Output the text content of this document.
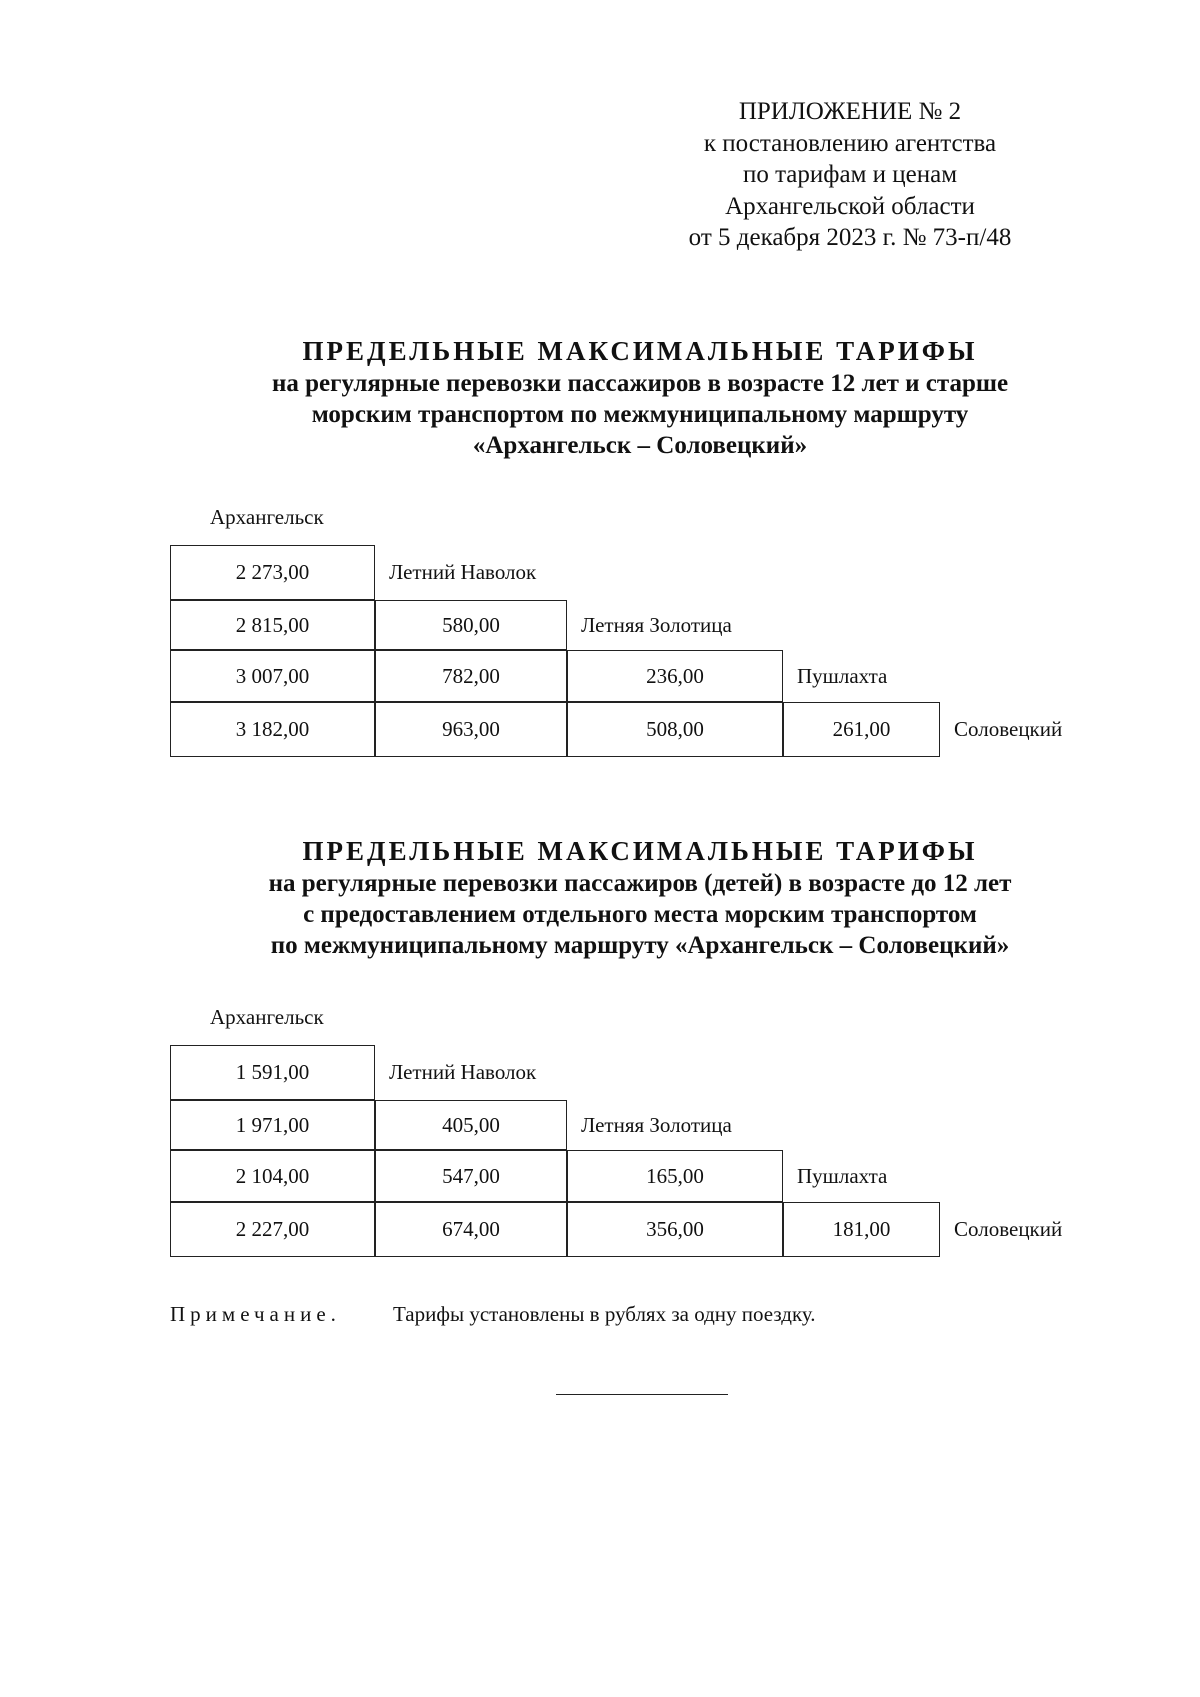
ПРИЛОЖЕНИЕ № 2
к постановлению агентства
по тарифам и ценам
Архангельской области
от 5 декабря 2023 г. № 73-п/48
ПРЕДЕЛЬНЫЕ МАКСИМАЛЬНЫЕ ТАРИФЫ
на регулярные перевозки пассажиров в возрасте 12 лет и старше
морским транспортом по межмуниципальному маршруту
«Архангельск – Соловецкий»
Архангельск
2 273,00	Летний Наволок
2 815,00	580,00	Летняя Золотица
3 007,00	782,00	236,00	Пушлахта
3 182,00	963,00	508,00	261,00	Соловецкий
ПРЕДЕЛЬНЫЕ МАКСИМАЛЬНЫЕ ТАРИФЫ
на регулярные перевозки пассажиров (детей) в возрасте до 12 лет
с предоставлением отдельного места морским транспортом
по межмуниципальному маршруту «Архангельск – Соловецкий»
Архангельск
1 591,00	Летний Наволок
1 971,00	405,00	Летняя Золотица
2 104,00	547,00	165,00	Пушлахта
2 227,00	674,00	356,00	181,00	Соловецкий
Примечание. Тарифы установлены в рублях за одну поездку.
